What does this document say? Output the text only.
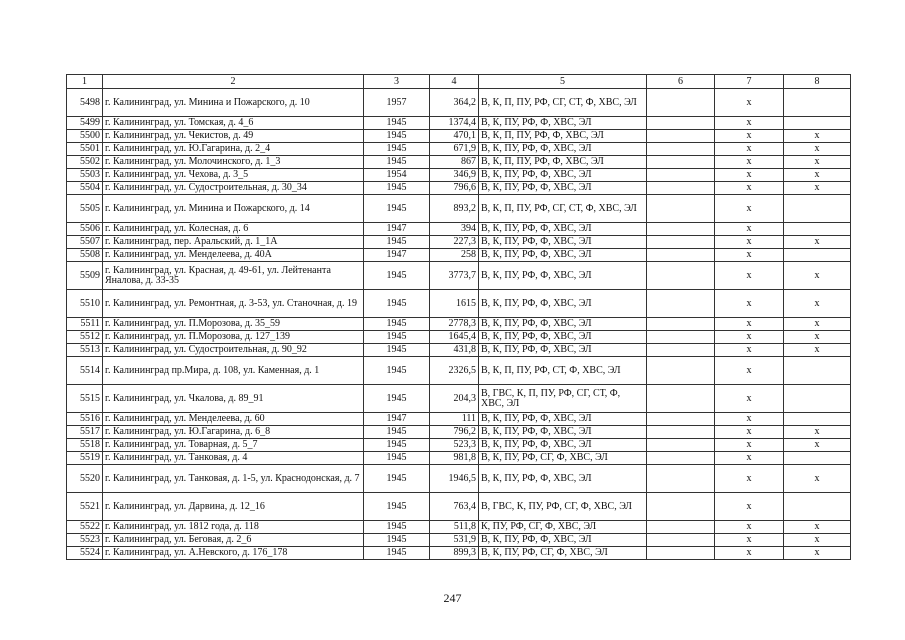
1	2	3	4	5	6	7	8
5498	г. Калининград, ул. Минина и Пожарского, д. 10	1957	364,2	В, К, П, ПУ, РФ, СГ, СТ, Ф, ХВС, ЭЛ		х	
5499	г. Калининград, ул. Томская, д. 4_6	1945	1374,4	В, К, ПУ, РФ, Ф, ХВС, ЭЛ		х	
5500	г. Калининград, ул. Чекистов, д. 49	1945	470,1	В, К, П, ПУ, РФ, Ф, ХВС, ЭЛ		х	х
5501	г. Калининград, ул. Ю.Гагарина, д. 2_4	1945	671,9	В, К, ПУ, РФ, Ф, ХВС, ЭЛ		х	х
5502	г. Калининград, ул. Молочинского, д. 1_3	1945	867	В, К, П, ПУ, РФ, Ф, ХВС, ЭЛ		х	х
5503	г. Калининград, ул. Чехова, д. 3_5	1954	346,9	В, К, ПУ, РФ, Ф, ХВС, ЭЛ		х	х
5504	г. Калининград, ул. Судостроительная, д. 30_34	1945	796,6	В, К, ПУ, РФ, Ф, ХВС, ЭЛ		х	х
5505	г. Калининград, ул. Минина и Пожарского, д. 14	1945	893,2	В, К, П, ПУ, РФ, СГ, СТ, Ф, ХВС, ЭЛ		х	
5506	г. Калининград, ул. Колесная, д. 6	1947	394	В, К, ПУ, РФ, Ф, ХВС, ЭЛ		х	
5507	г. Калининград, пер. Аральский, д. 1_1А	1945	227,3	В, К, ПУ, РФ, Ф, ХВС, ЭЛ		х	х
5508	г. Калининград, ул. Менделеева, д. 40А	1947	258	В, К, ПУ, РФ, Ф, ХВС, ЭЛ		х	
5509	г. Калининград, ул. Красная, д. 49-61, ул. Лейтенанта Яналова, д. 33-35	1945	3773,7	В, К, ПУ, РФ, Ф, ХВС, ЭЛ		х	х
5510	г. Калининград, ул. Ремонтная, д. 3-53, ул. Станочная, д. 19	1945	1615	В, К, ПУ, РФ, Ф, ХВС, ЭЛ		х	х
5511	г. Калининград, ул. П.Морозова, д. 35_59	1945	2778,3	В, К, ПУ, РФ, Ф, ХВС, ЭЛ		х	х
5512	г. Калининград, ул. П.Морозова, д. 127_139	1945	1645,4	В, К, ПУ, РФ, Ф, ХВС, ЭЛ		х	х
5513	г. Калининград, ул. Судостроительная, д. 90_92	1945	431,8	В, К, ПУ, РФ, Ф, ХВС, ЭЛ		х	х
5514	г. Калининград пр.Мира, д. 108, ул. Каменная, д. 1	1945	2326,5	В, К, П, ПУ, РФ, СТ, Ф, ХВС, ЭЛ		х	
5515	г. Калининград, ул. Чкалова, д. 89_91	1945	204,3	В, ГВС, К, П, ПУ, РФ, СГ, СТ, Ф, ХВС, ЭЛ		х	
5516	г. Калининград, ул. Менделеева, д. 60	1947	111	В, К, ПУ, РФ, Ф, ХВС, ЭЛ		х	
5517	г. Калининград, ул. Ю.Гагарина, д. 6_8	1945	796,2	В, К, ПУ, РФ, Ф, ХВС, ЭЛ		х	х
5518	г. Калининград, ул. Товарная, д. 5_7	1945	523,3	В, К, ПУ, РФ, Ф, ХВС, ЭЛ		х	х
5519	г. Калининград, ул. Танковая, д. 4	1945	981,8	В, К, ПУ, РФ, СГ, Ф, ХВС, ЭЛ		х	
5520	г. Калининград, ул. Танковая, д. 1-5, ул. Краснодонская, д. 7	1945	1946,5	В, К, ПУ, РФ, Ф, ХВС, ЭЛ		х	х
5521	г. Калининград, ул. Дарвина, д. 12_16	1945	763,4	В, ГВС, К, ПУ, РФ, СГ, Ф, ХВС, ЭЛ		х	
5522	г. Калининград, ул. 1812 года, д. 118	1945	511,8	К, ПУ, РФ, СГ, Ф, ХВС, ЭЛ		х	х
5523	г. Калининград, ул. Беговая, д. 2_6	1945	531,9	В, К, ПУ, РФ, Ф, ХВС, ЭЛ		х	х
5524	г. Калининград, ул. А.Невского, д. 176_178	1945	899,3	В, К, ПУ, РФ, СГ, Ф, ХВС, ЭЛ		х	х
247
